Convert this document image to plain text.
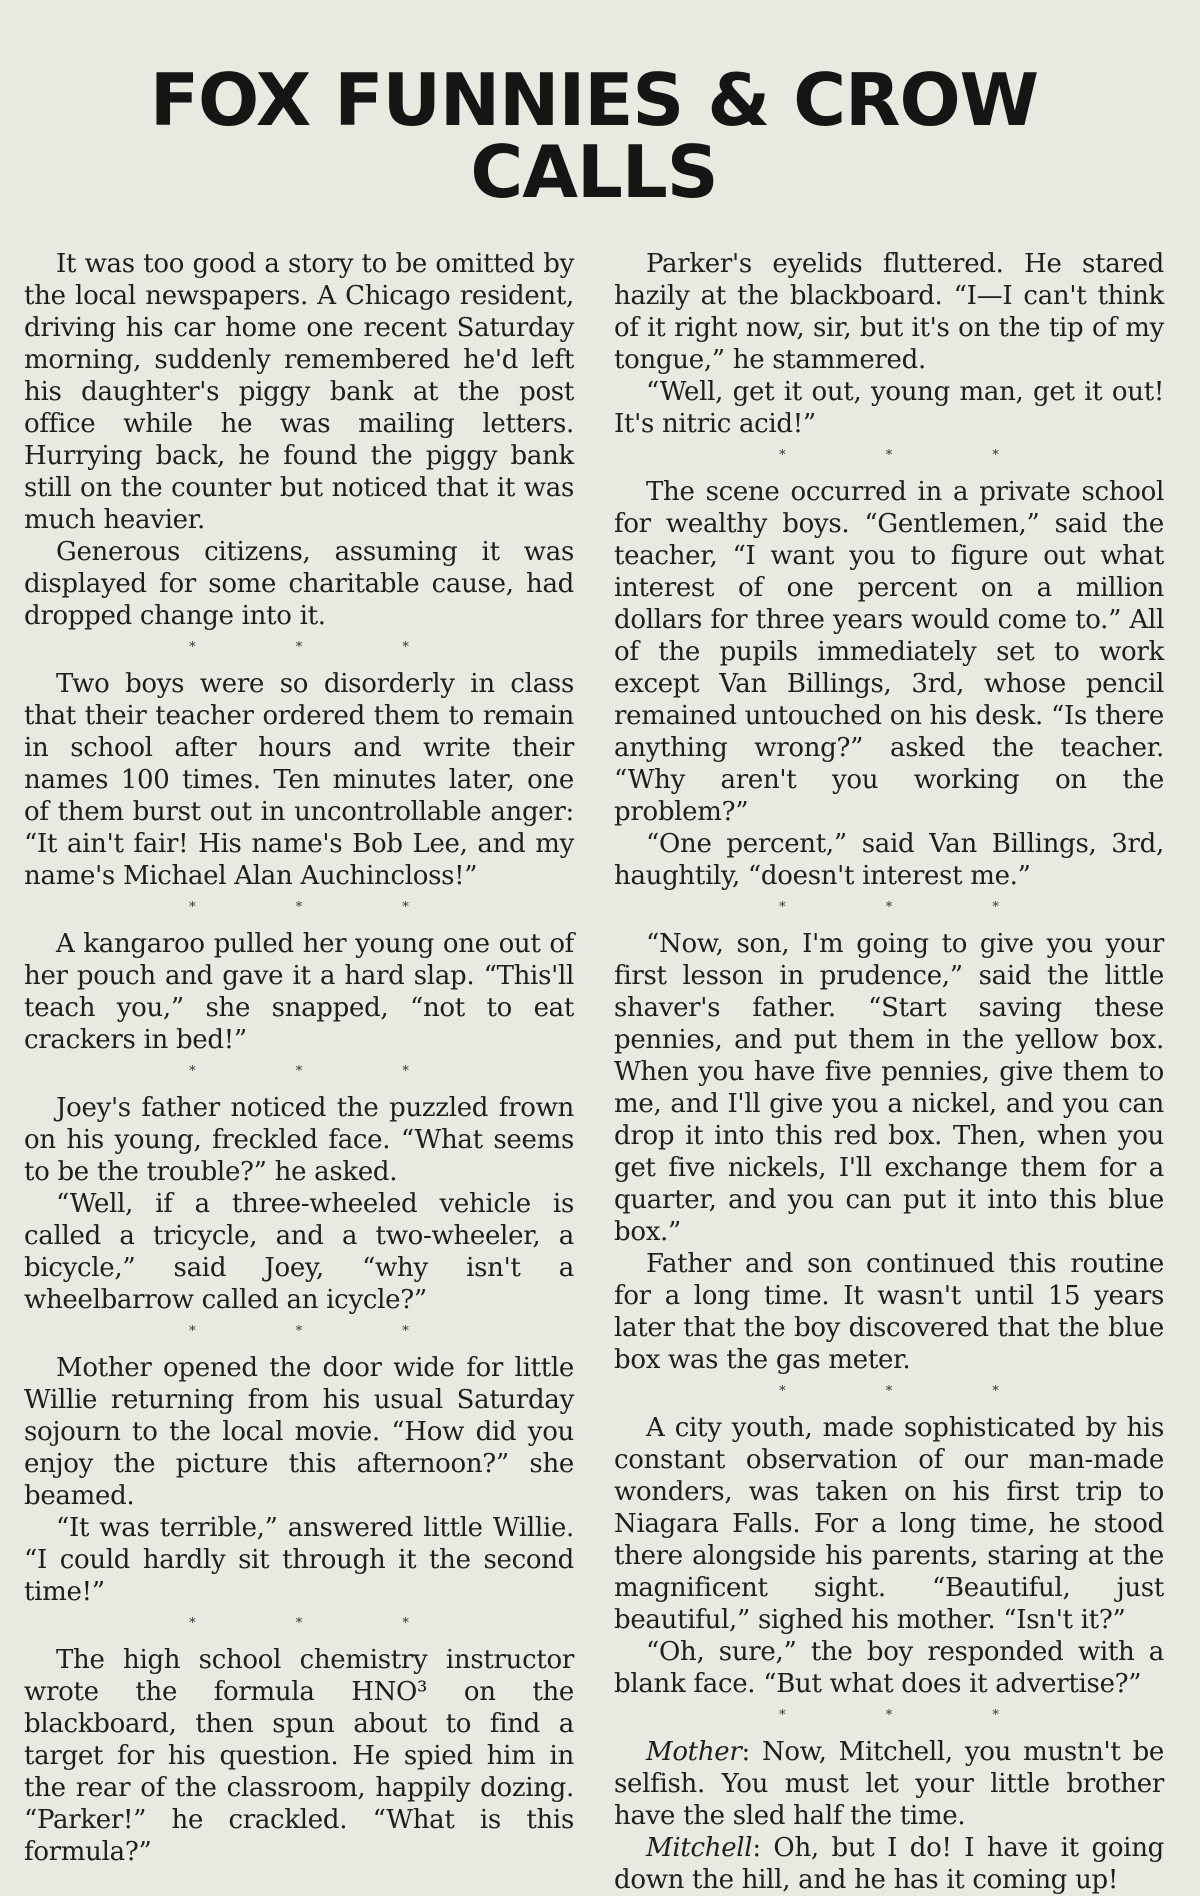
FOX FUNNIES & CROW CALLS

It was too good a story to be omitted by the local newspapers. A Chicago resident, driving his car home one recent Saturday morning, suddenly remembered he'd left his daughter's piggy bank at the post office while he was mailing letters. Hurrying back, he found the piggy bank still on the counter but noticed that it was much heavier.

Generous citizens, assuming it was displayed for some charitable cause, had dropped change into it.

* * *

Two boys were so disorderly in class that their teacher ordered them to remain in school after hours and write their names 100 times. Ten minutes later, one of them burst out in uncontrollable anger: “It ain't fair! His name's Bob Lee, and my name's Michael Alan Auchincloss!”

* * *

A kangaroo pulled her young one out of her pouch and gave it a hard slap. “This'll teach you,” she snapped, “not to eat crackers in bed!”

* * *

Joey's father noticed the puzzled frown on his young, freckled face. “What seems to be the trouble?” he asked.

“Well, if a three-wheeled vehicle is called a tricycle, and a two-wheeler, a bicycle,” said Joey, “why isn't a wheelbarrow called an icycle?”

* * *

Mother opened the door wide for little Willie returning from his usual Saturday sojourn to the local movie. “How did you enjoy the picture this afternoon?” she beamed.

“It was terrible,” answered little Willie. “I could hardly sit through it the second time!”

* * *

The high school chemistry instructor wrote the formula HNO³ on the blackboard, then spun about to find a target for his question. He spied him in the rear of the classroom, happily dozing. “Parker!” he crackled. “What is this formula?”

Parker's eyelids fluttered. He stared hazily at the blackboard. “I—I can't think of it right now, sir, but it's on the tip of my tongue,” he stammered.

“Well, get it out, young man, get it out! It's nitric acid!”

* * *

The scene occurred in a private school for wealthy boys. “Gentlemen,” said the teacher, “I want you to figure out what interest of one percent on a million dollars for three years would come to.” All of the pupils immediately set to work except Van Billings, 3rd, whose pencil remained untouched on his desk. “Is there anything wrong?” asked the teacher. “Why aren't you working on the problem?”

“One percent,” said Van Billings, 3rd, haughtily, “doesn't interest me.”

* * *

“Now, son, I'm going to give you your first lesson in prudence,” said the little shaver's father. “Start saving these pennies, and put them in the yellow box. When you have five pennies, give them to me, and I'll give you a nickel, and you can drop it into this red box. Then, when you get five nickels, I'll exchange them for a quarter, and you can put it into this blue box.”

Father and son continued this routine for a long time. It wasn't until 15 years later that the boy discovered that the blue box was the gas meter.

* * *

A city youth, made sophisticated by his constant observation of our man-made wonders, was taken on his first trip to Niagara Falls. For a long time, he stood there alongside his parents, staring at the magnificent sight. “Beautiful, just beautiful,” sighed his mother. “Isn't it?”

“Oh, sure,” the boy responded with a blank face. “But what does it advertise?”

* * *

Mother: Now, Mitchell, you mustn't be selfish. You must let your little brother have the sled half the time.

Mitchell: Oh, but I do! I have it going down the hill, and he has it coming up!
